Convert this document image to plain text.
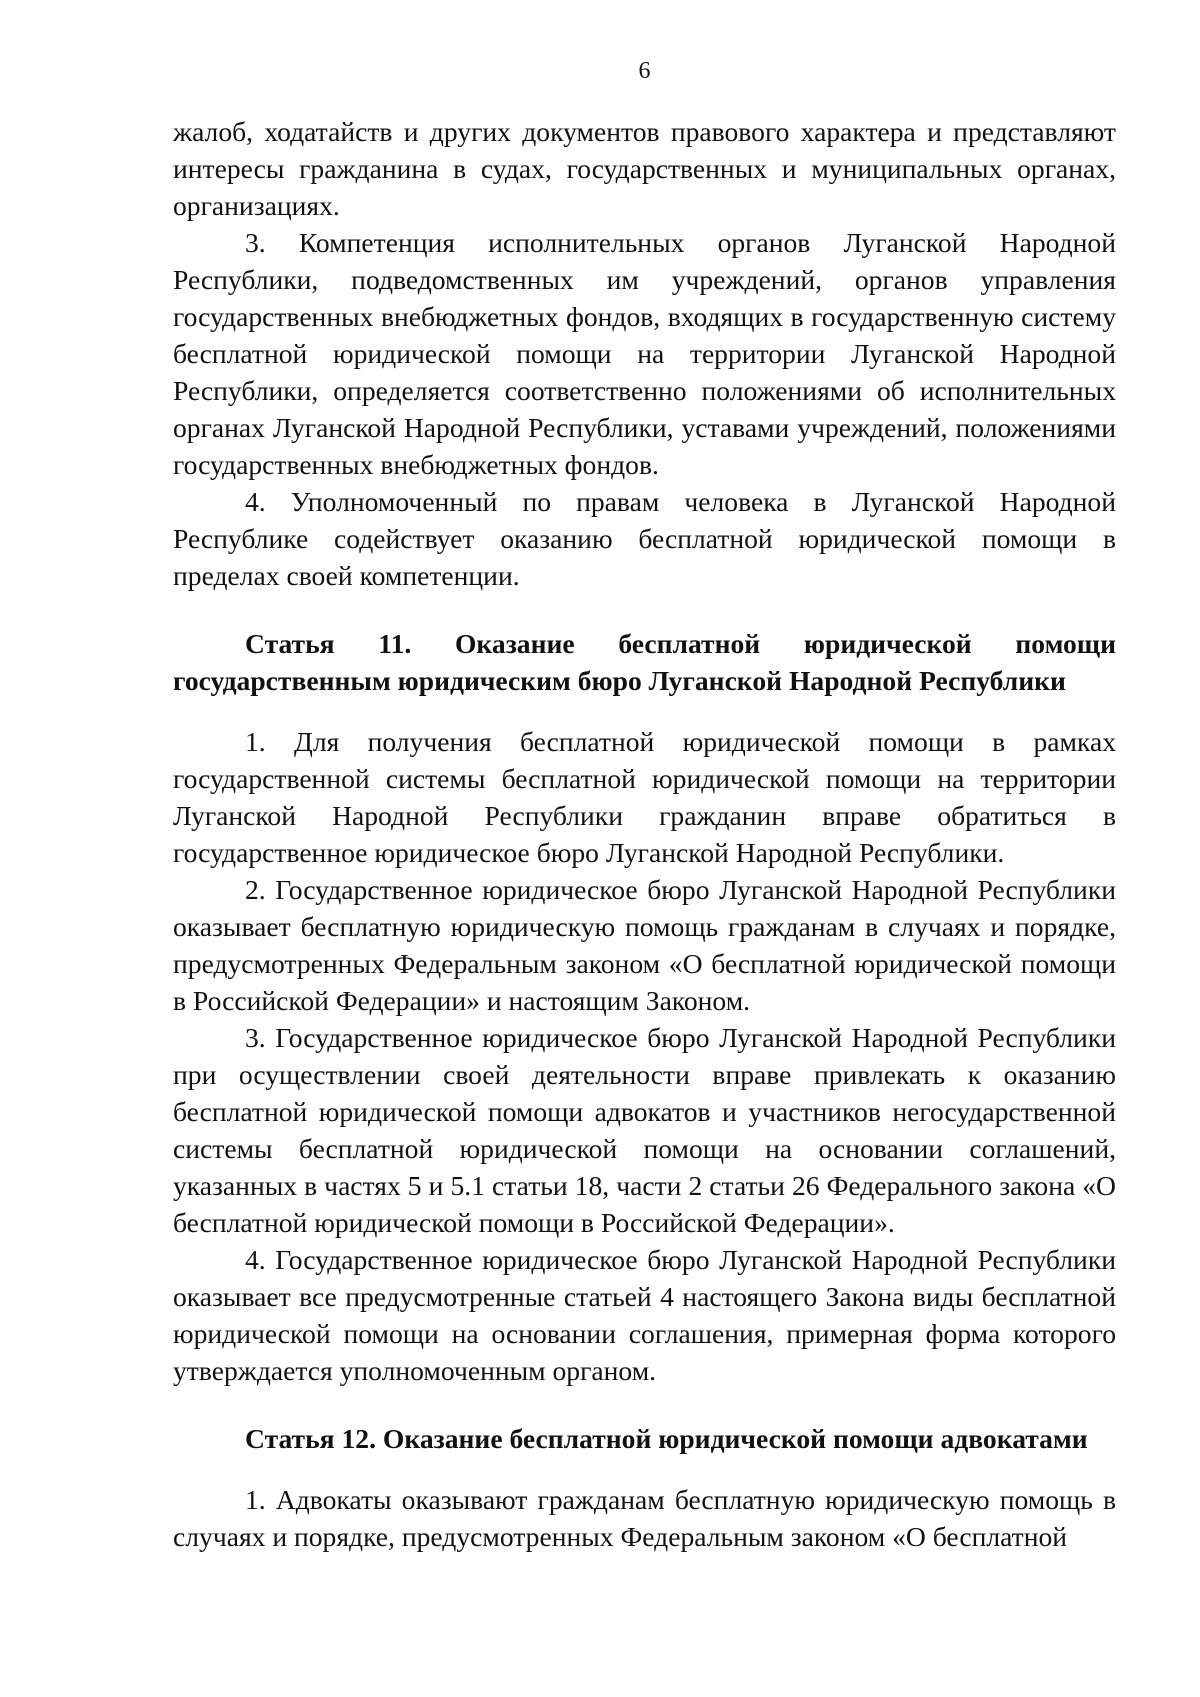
6

жалоб, ходатайств и других документов правового характера и представляют интересы гражданина в судах, государственных и муниципальных органах, организациях.

3. Компетенция исполнительных органов Луганской Народной Республики, подведомственных им учреждений, органов управления государственных внебюджетных фондов, входящих в государственную систему бесплатной юридической помощи на территории Луганской Народной Республики, определяется соответственно положениями об исполнительных органах Луганской Народной Республики, уставами учреждений, положениями государственных внебюджетных фондов.

4. Уполномоченный по правам человека в Луганской Народной Республике содействует оказанию бесплатной юридической помощи в пределах своей компетенции.

Статья 11. Оказание бесплатной юридической помощи государственным юридическим бюро Луганской Народной Республики

1. Для получения бесплатной юридической помощи в рамках государственной системы бесплатной юридической помощи на территории Луганской Народной Республики гражданин вправе обратиться в государственное юридическое бюро Луганской Народной Республики.

2. Государственное юридическое бюро Луганской Народной Республики оказывает бесплатную юридическую помощь гражданам в случаях и порядке, предусмотренных Федеральным законом «О бесплатной юридической помощи в Российской Федерации» и настоящим Законом.

3. Государственное юридическое бюро Луганской Народной Республики при осуществлении своей деятельности вправе привлекать к оказанию бесплатной юридической помощи адвокатов и участников негосударственной системы бесплатной юридической помощи на основании соглашений, указанных в частях 5 и 5.1 статьи 18, части 2 статьи 26 Федерального закона «О бесплатной юридической помощи в Российской Федерации».

4. Государственное юридическое бюро Луганской Народной Республики оказывает все предусмотренные статьей 4 настоящего Закона виды бесплатной юридической помощи на основании соглашения, примерная форма которого утверждается уполномоченным органом.

Статья 12. Оказание бесплатной юридической помощи адвокатами

1. Адвокаты оказывают гражданам бесплатную юридическую помощь в случаях и порядке, предусмотренных Федеральным законом «О бесплатной
